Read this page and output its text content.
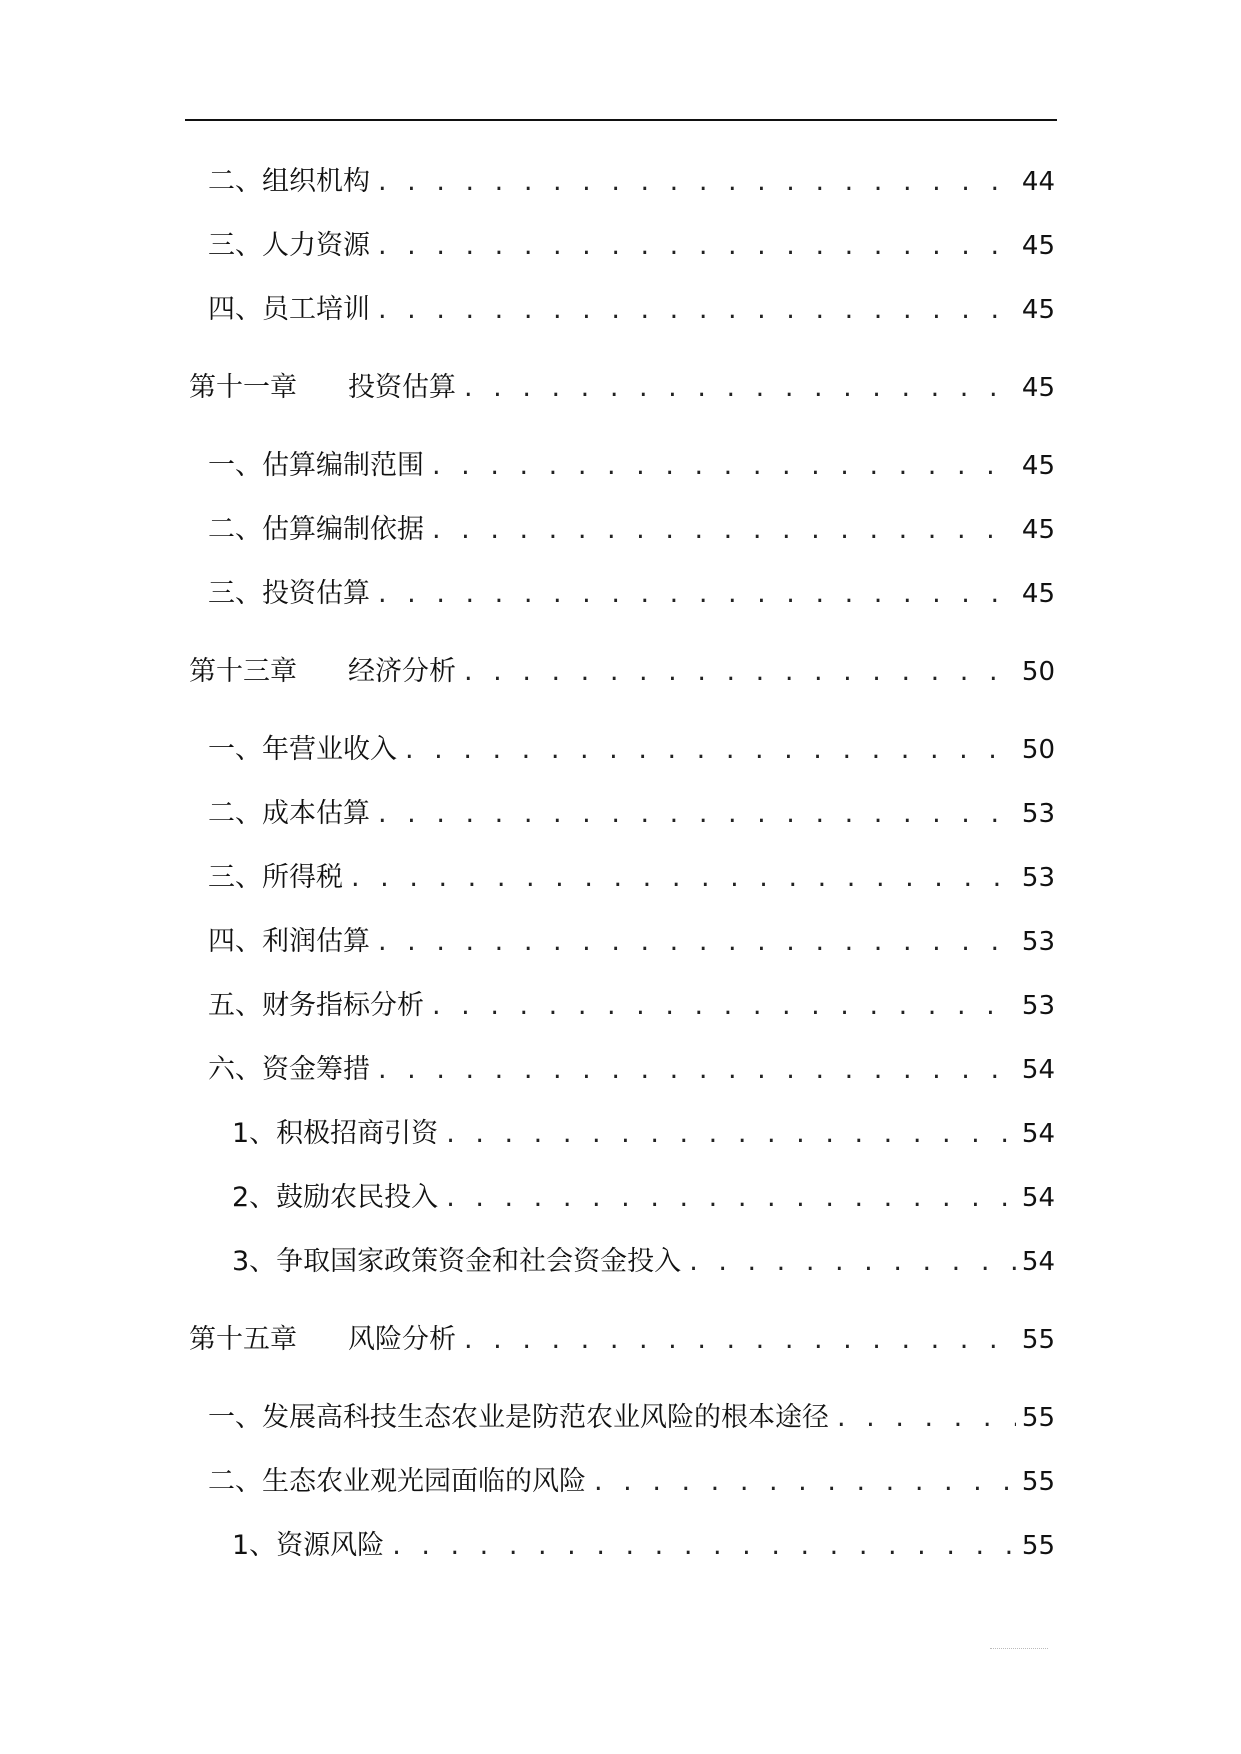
二、组织机构 . . .	44
三、人力资源 . . .	45
四、员工培训 . . .	45
第十一章	投资估算 . . .	45
一、估算编制范围 . . .	45
二、估算编制依据 . . .	45
三、投资估算 . . .	45
第十三章	经济分析 . . .	50
一、年营业收入 . . .	50
二、成本估算 . . .	53
三、所得税 . . .	53
四、利润估算 . . .	53
五、财务指标分析 . . .	53
六、资金筹措 . . .	54
1、积极招商引资 . . .	54
2、鼓励农民投入 . . .	54
3、争取国家政策资金和社会资金投入 . . .	54
第十五章	风险分析 . . .	55
一、发展高科技生态农业是防范农业风险的根本途径 . . .	55
二、生态农业观光园面临的风险 . . .	55
1、资源风险 . . .	55
